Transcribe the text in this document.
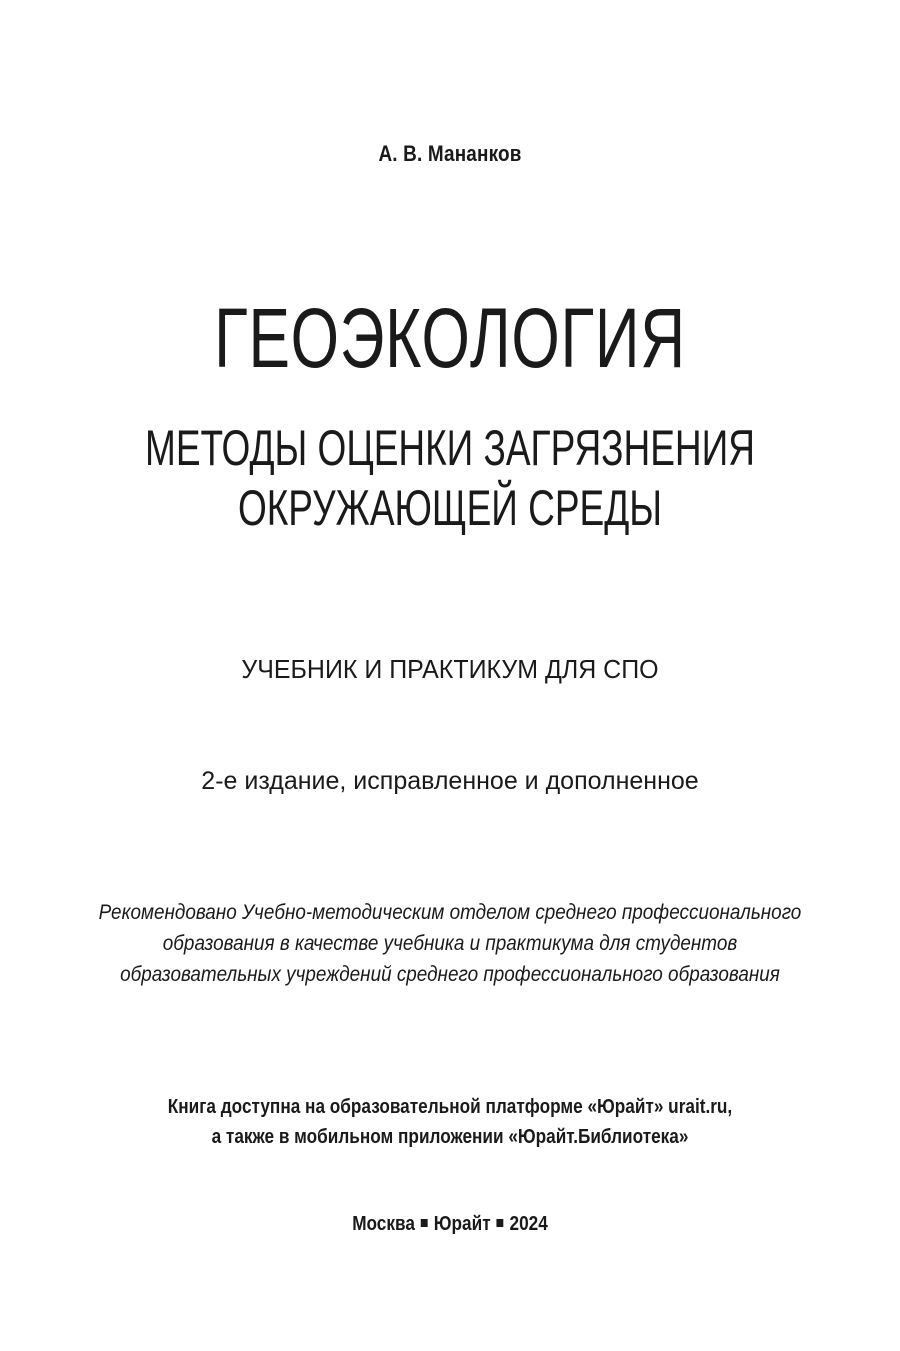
А. В. Мананков
ГЕОЭКОЛОГИЯ
МЕТОДЫ ОЦЕНКИ ЗАГРЯЗНЕНИЯ
ОКРУЖАЮЩЕЙ СРЕДЫ
УЧЕБНИК И ПРАКТИКУМ ДЛЯ СПО
2-е издание, исправленное и дополненное
Рекомендовано Учебно-методическим отделом среднего профессионального
образования в качестве учебника и практикума для студентов
образовательных учреждений среднего профессионального образования
Книга доступна на образовательной платформе «Юрайт» urait.ru,
а также в мобильном приложении «Юрайт.Библиотека»
Москва Юрайт 2024
